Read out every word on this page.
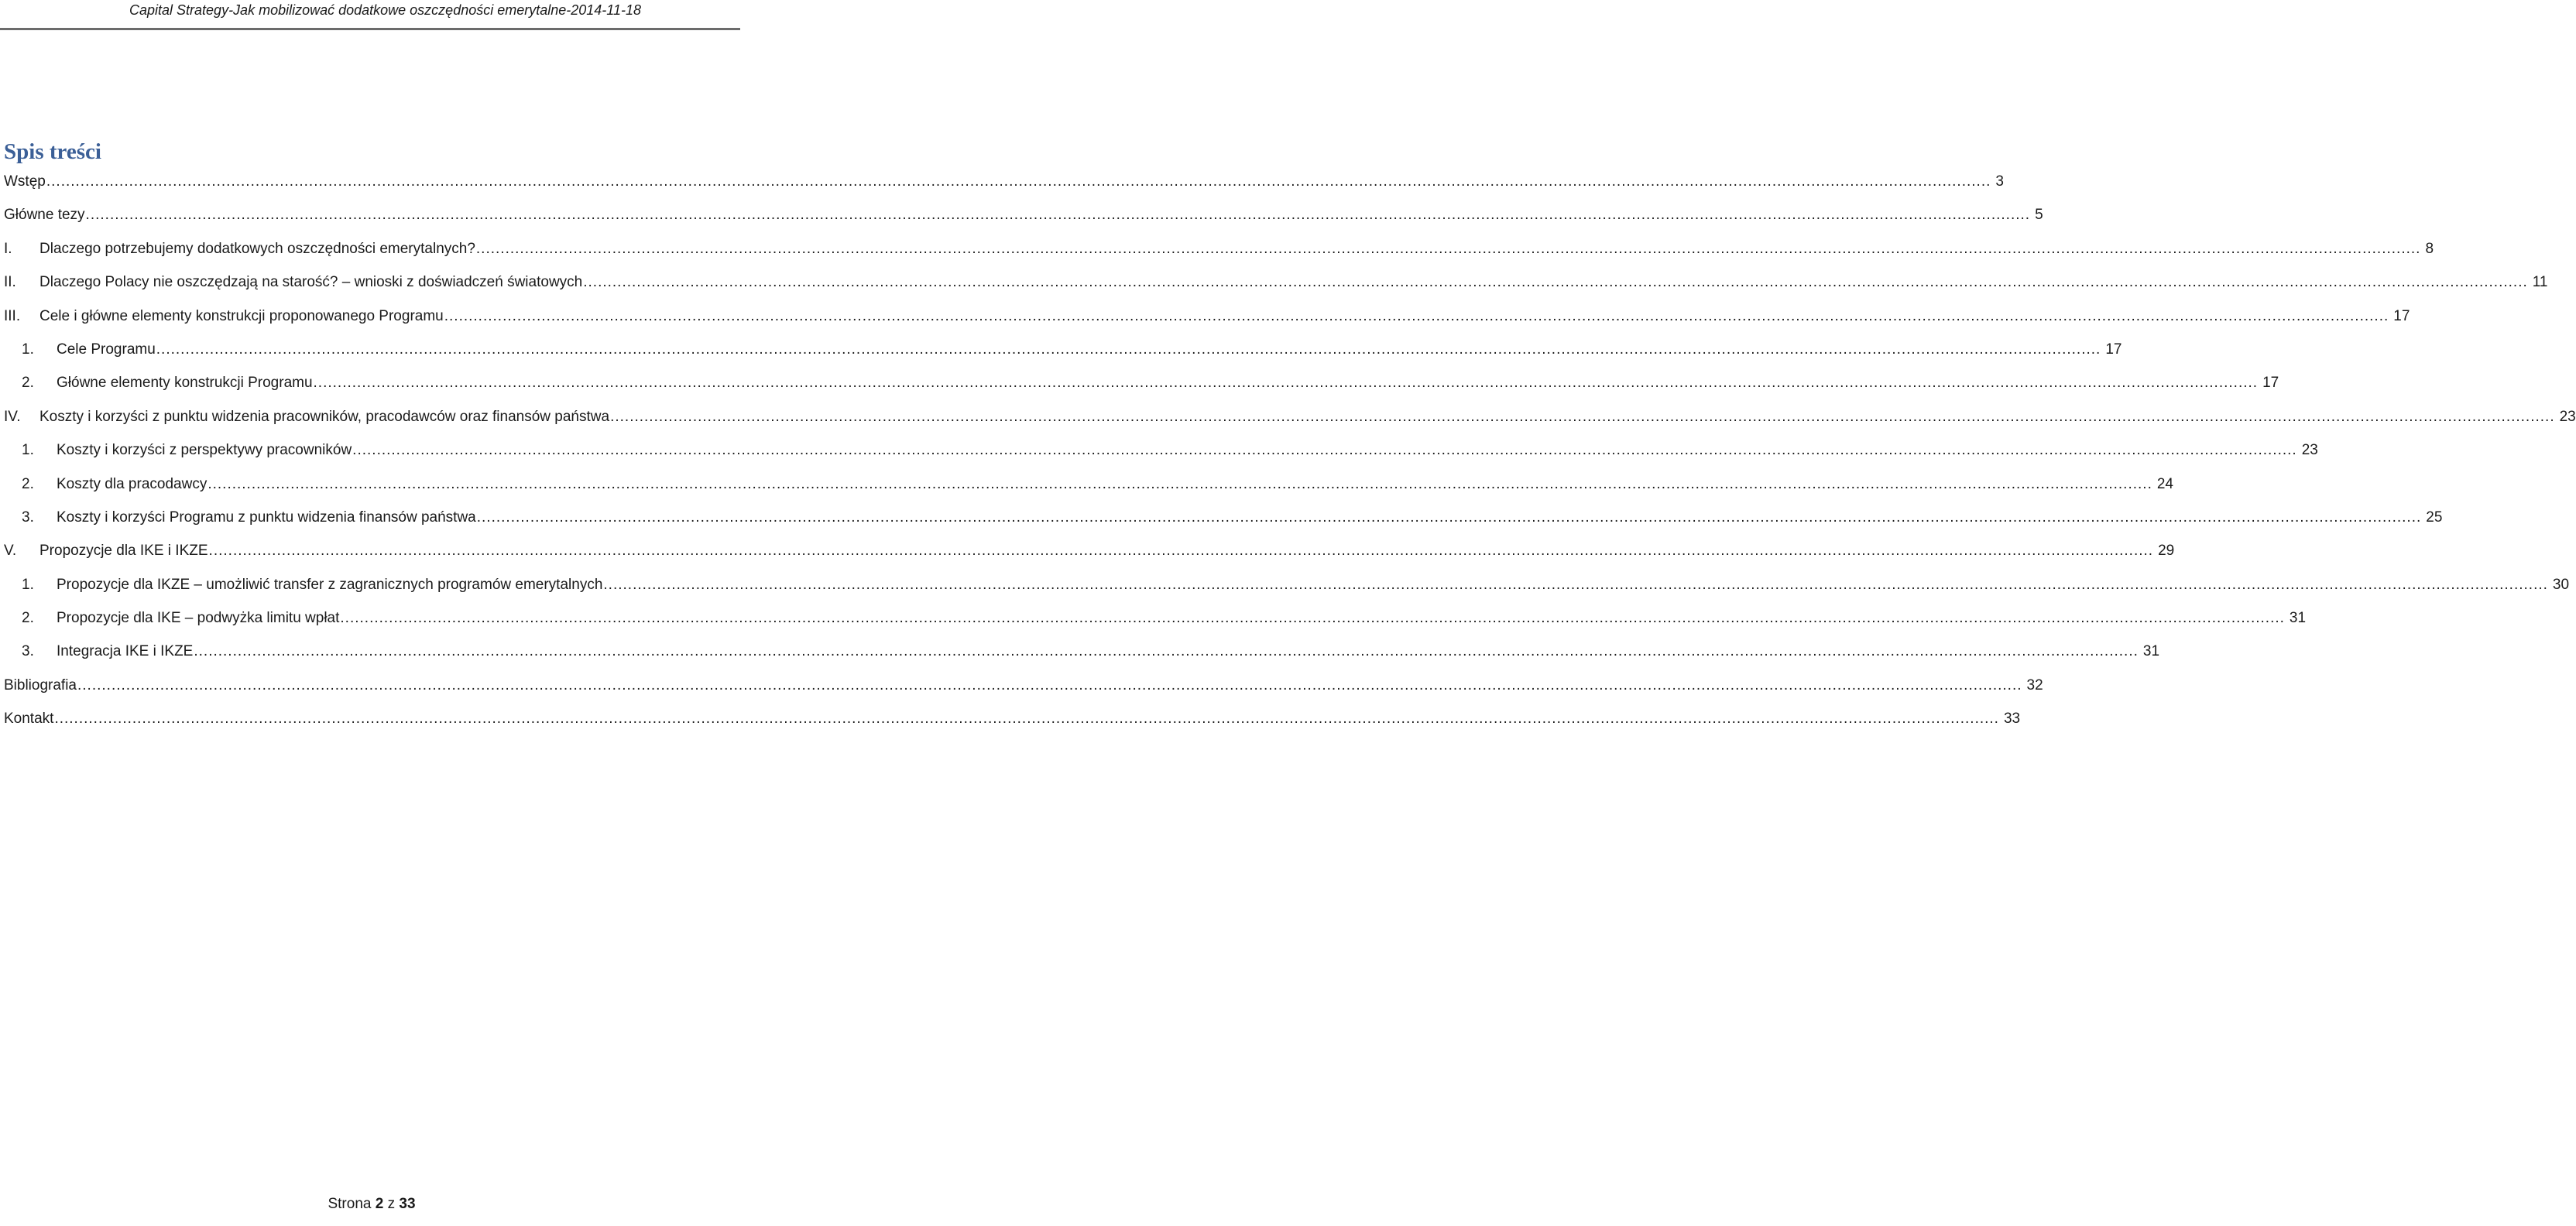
Capital Strategy-Jak mobilizować dodatkowe oszczędności emerytalne-2014-11-18
Spis treści
Wstęp ................................................................................................................................................................................................................................................................................................................................................................................................................ 3
Główne tezy ................................................................................................................................................................................................................................................................................................................................................................................................................ 5
I.	Dlaczego potrzebujemy dodatkowych oszczędności emerytalnych? ................................................................................................................................................................................................................................................................................................................................................................................................................ 8
II.	Dlaczego Polacy nie oszczędzają na starość? – wnioski z doświadczeń światowych ................................................................................................................................................................................................................................................................................................................................................................................................................ 11
III.	Cele i główne elementy konstrukcji proponowanego Programu ................................................................................................................................................................................................................................................................................................................................................................................................................ 17
1.	Cele Programu ................................................................................................................................................................................................................................................................................................................................................................................................................ 17
2.	Główne elementy konstrukcji Programu ................................................................................................................................................................................................................................................................................................................................................................................................................ 17
IV.	Koszty i korzyści z punktu widzenia pracowników, pracodawców oraz finansów państwa ................................................................................................................................................................................................................................................................................................................................................................................................................ 23
1.	Koszty i korzyści z perspektywy pracowników ................................................................................................................................................................................................................................................................................................................................................................................................................ 23
2.	Koszty dla pracodawcy ................................................................................................................................................................................................................................................................................................................................................................................................................ 24
3.	Koszty i korzyści Programu z punktu widzenia finansów państwa ................................................................................................................................................................................................................................................................................................................................................................................................................ 25
V.	Propozycje dla IKE i IKZE ................................................................................................................................................................................................................................................................................................................................................................................................................ 29
1.	Propozycje dla IKZE – umożliwić transfer z zagranicznych programów emerytalnych ................................................................................................................................................................................................................................................................................................................................................................................................................ 30
2.	Propozycje dla IKE – podwyżka limitu wpłat ................................................................................................................................................................................................................................................................................................................................................................................................................ 31
3.	Integracja IKE i IKZE ................................................................................................................................................................................................................................................................................................................................................................................................................ 31
Bibliografia ................................................................................................................................................................................................................................................................................................................................................................................................................ 32
Kontakt ................................................................................................................................................................................................................................................................................................................................................................................................................ 33
Strona 2 z 33
